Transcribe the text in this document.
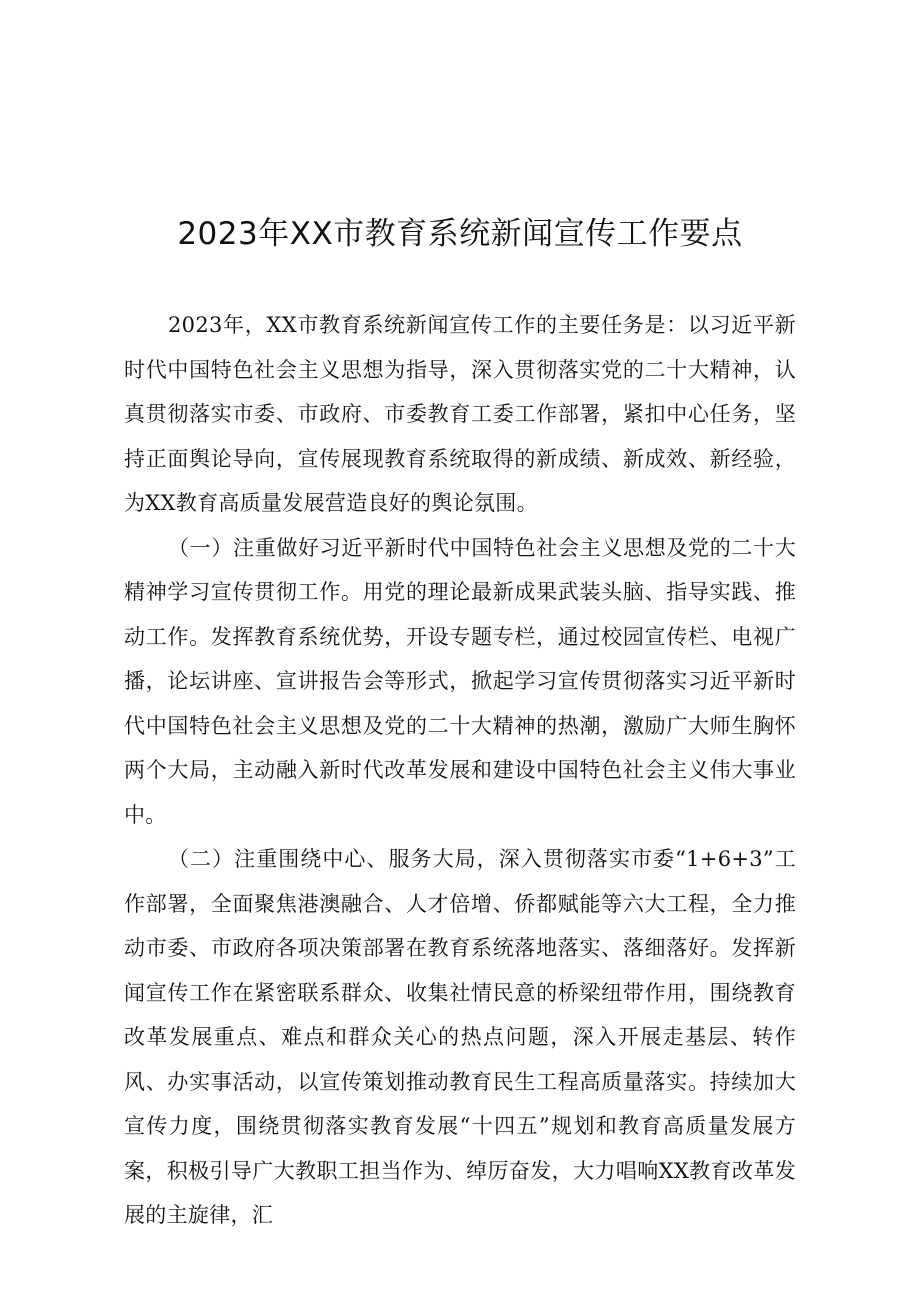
2023年XX市教育系统新闻宣传工作要点

2023年，XX市教育系统新闻宣传工作的主要任务是：以习近平新时代中国特色社会主义思想为指导，深入贯彻落实党的二十大精神，认真贯彻落实市委、市政府、市委教育工委工作部署，紧扣中心任务，坚持正面舆论导向，宣传展现教育系统取得的新成绩、新成效、新经验，为XX教育高质量发展营造良好的舆论氛围。

（一）注重做好习近平新时代中国特色社会主义思想及党的二十大精神学习宣传贯彻工作。用党的理论最新成果武装头脑、指导实践、推动工作。发挥教育系统优势，开设专题专栏，通过校园宣传栏、电视广播，论坛讲座、宣讲报告会等形式，掀起学习宣传贯彻落实习近平新时代中国特色社会主义思想及党的二十大精神的热潮，激励广大师生胸怀两个大局，主动融入新时代改革发展和建设中国特色社会主义伟大事业中。

（二）注重围绕中心、服务大局，深入贯彻落实市委“1+6+3”工作部署，全面聚焦港澳融合、人才倍增、侨都赋能等六大工程，全力推动市委、市政府各项决策部署在教育系统落地落实、落细落好。发挥新闻宣传工作在紧密联系群众、收集社情民意的桥梁纽带作用，围绕教育改革发展重点、难点和群众关心的热点问题，深入开展走基层、转作风、办实事活动，以宣传策划推动教育民生工程高质量落实。持续加大宣传力度，围绕贯彻落实教育发展“十四五”规划和教育高质量发展方案，积极引导广大教职工担当作为、绰厉奋发，大力唱响XX教育改革发展的主旋律，汇
